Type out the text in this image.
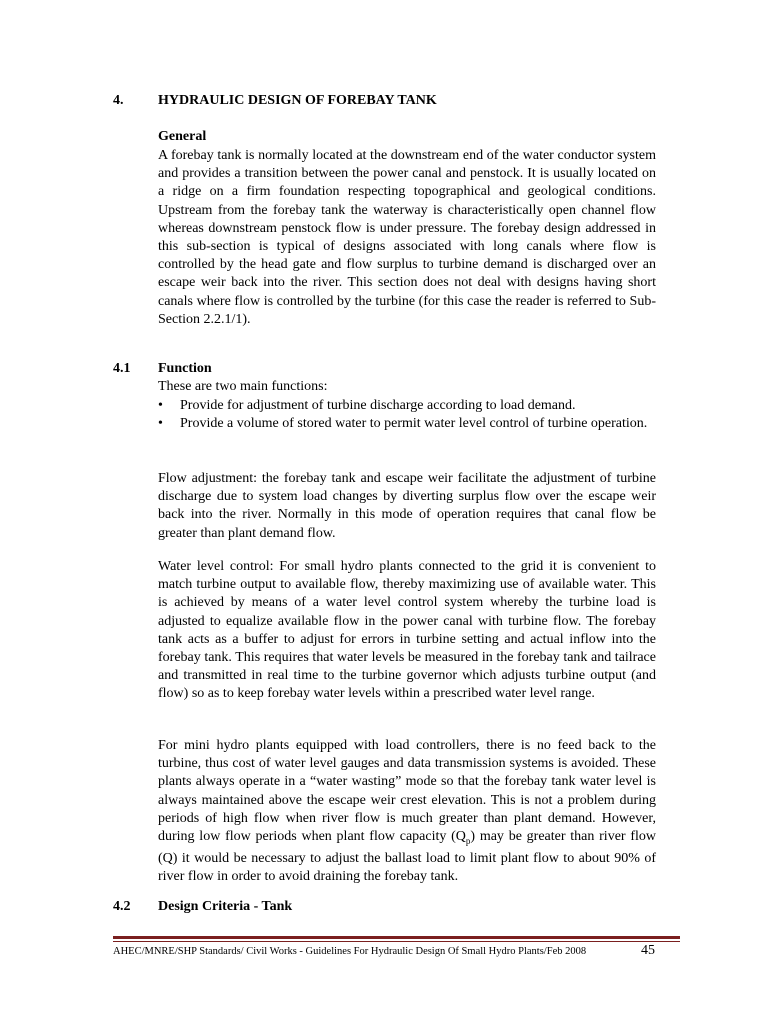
4. HYDRAULIC DESIGN OF FOREBAY TANK
General

A forebay tank is normally located at the downstream end of the water conductor system and provides a transition between the power canal and penstock. It is usually located on a ridge on a firm foundation respecting topographical and geological conditions. Upstream from the forebay tank the waterway is characteristically open channel flow whereas downstream penstock flow is under pressure. The forebay design addressed in this sub-section is typical of designs associated with long canals where flow is controlled by the head gate and flow surplus to turbine demand is discharged over an escape weir back into the river. This section does not deal with designs having short canals where flow is controlled by the turbine (for this case the reader is referred to Sub-Section 2.2.1/1).

4.1 Function

These are two main functions:

• Provide for adjustment of turbine discharge according to load demand.
• Provide a volume of stored water to permit water level control of turbine operation.

Flow adjustment: the forebay tank and escape weir facilitate the adjustment of turbine discharge due to system load changes by diverting surplus flow over the escape weir back into the river. Normally in this mode of operation requires that canal flow be greater than plant demand flow.

Water level control: For small hydro plants connected to the grid it is convenient to match turbine output to available flow, thereby maximizing use of available water. This is achieved by means of a water level control system whereby the turbine load is adjusted to equalize available flow in the power canal with turbine flow. The forebay tank acts as a buffer to adjust for errors in turbine setting and actual inflow into the forebay tank. This requires that water levels be measured in the forebay tank and tailrace and transmitted in real time to the turbine governor which adjusts turbine output (and flow) so as to keep forebay water levels within a prescribed water level range.

For mini hydro plants equipped with load controllers, there is no feed back to the turbine, thus cost of water level gauges and data transmission systems is avoided. These plants always operate in a “water wasting” mode so that the forebay tank water level is always maintained above the escape weir crest elevation. This is not a problem during periods of high flow when river flow is much greater than plant demand. However, during low flow periods when plant flow capacity $(Q_p)$ may be greater than river flow (Q) it would be necessary to adjust the ballast load to limit plant flow to about 90% of river flow in order to avoid draining the forebay tank.

4.2 Design Criteria - Tank
AHEC/MNRE/SHP Standards/ Civil Works - Guidelines For Hydraulic Design Of Small Hydro Plants/Feb 2008	45
